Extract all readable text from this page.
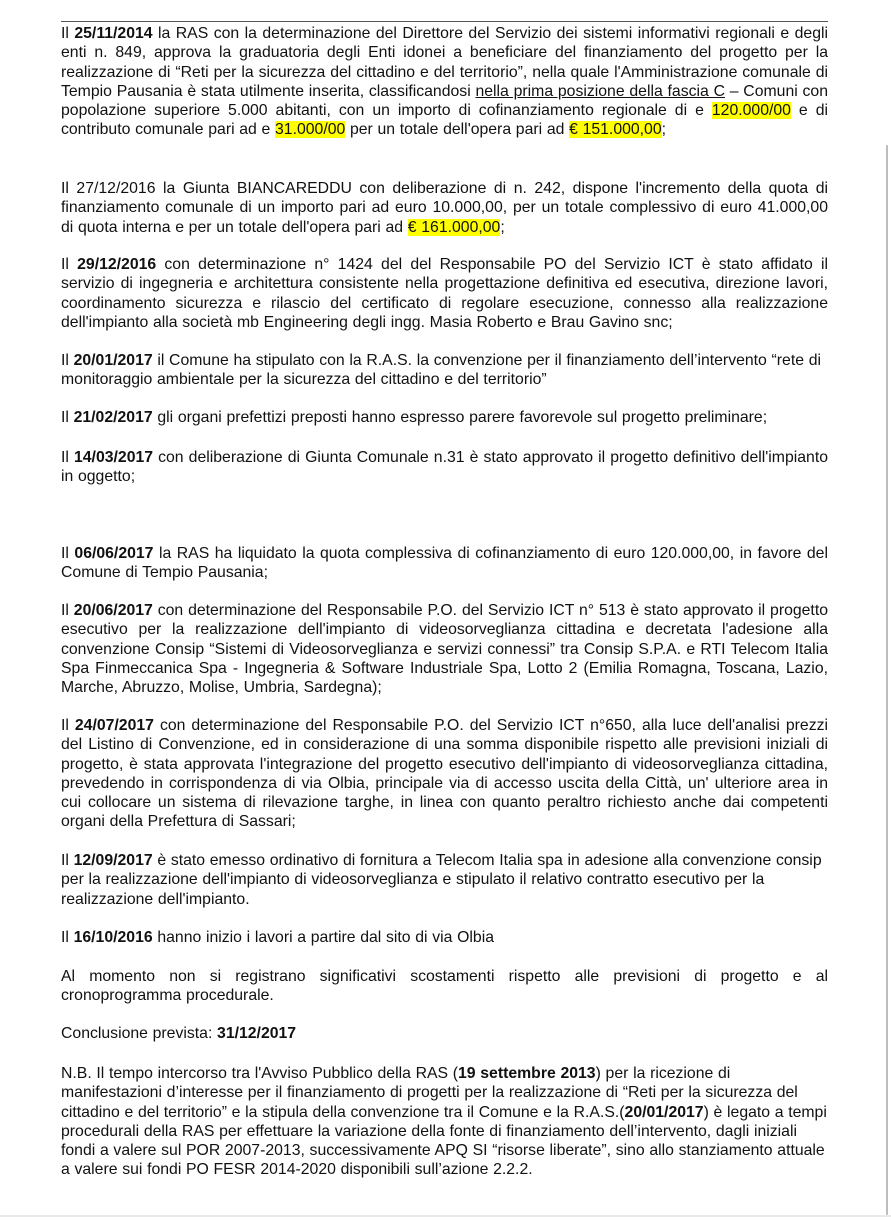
Il 25/11/2014 la RAS con la determinazione del Direttore del Servizio dei sistemi informativi regionali e degli enti n. 849, approva la graduatoria degli Enti idonei a beneficiare del finanziamento del progetto per la realizzazione di “Reti per la sicurezza del cittadino e del territorio”, nella quale l'Amministrazione comunale di Tempio Pausania è stata utilmente inserita, classificandosi nella prima posizione della fascia C – Comuni con popolazione superiore 5.000 abitanti, con un importo di cofinanziamento regionale di e 120.000/00 e di contributo comunale pari ad e 31.000/00 per un totale dell'opera pari ad € 151.000,00;

Il 27/12/2016 la Giunta BIANCAREDDU con deliberazione di n. 242, dispone l'incremento della quota di finanziamento comunale di un importo pari ad euro 10.000,00, per un totale complessivo di euro 41.000,00 di quota interna e per un totale dell'opera pari ad € 161.000,00;

Il 29/12/2016 con determinazione n° 1424 del del Responsabile PO del Servizio ICT è stato affidato il servizio di ingegneria e architettura consistente nella progettazione definitiva ed esecutiva, direzione lavori, coordinamento sicurezza e rilascio del certificato di regolare esecuzione, connesso alla realizzazione dell'impianto alla società mb Engineering degli ingg. Masia Roberto e Brau Gavino snc;

Il 20/01/2017 il Comune ha stipulato con la R.A.S. la convenzione per il finanziamento dell’intervento “rete di monitoraggio ambientale per la sicurezza del cittadino e del territorio”

Il 21/02/2017 gli organi prefettizi preposti hanno espresso parere favorevole sul progetto preliminare;

Il 14/03/2017 con deliberazione di Giunta Comunale n.31 è stato approvato il progetto definitivo dell'impianto in oggetto;

Il 06/06/2017 la RAS ha liquidato la quota complessiva di cofinanziamento di euro 120.000,00, in favore del Comune di Tempio Pausania;

Il 20/06/2017 con determinazione del Responsabile P.O. del Servizio ICT n° 513 è stato approvato il progetto esecutivo per la realizzazione dell'impianto di videosorveglianza cittadina e decretata l'adesione alla convenzione Consip “Sistemi di Videosorveglianza e servizi connessi” tra Consip S.P.A. e RTI Telecom Italia Spa Finmeccanica Spa - Ingegneria & Software Industriale Spa, Lotto 2 (Emilia Romagna, Toscana, Lazio, Marche, Abruzzo, Molise, Umbria, Sardegna);

Il 24/07/2017 con determinazione del Responsabile P.O. del Servizio ICT n°650, alla luce dell'analisi prezzi del Listino di Convenzione, ed in considerazione di una somma disponibile rispetto alle previsioni iniziali di progetto, è stata approvata l'integrazione del progetto esecutivo dell'impianto di videosorveglianza cittadina, prevedendo in corrispondenza di via Olbia, principale via di accesso uscita della Città, un' ulteriore area in cui collocare un sistema di rilevazione targhe, in linea con quanto peraltro richiesto anche dai competenti organi della Prefettura di Sassari;

Il 12/09/2017 è stato emesso ordinativo di fornitura a Telecom Italia spa in adesione alla convenzione consip per la realizzazione dell'impianto di videosorveglianza e stipulato il relativo contratto esecutivo per la realizzazione dell'impianto.

Il 16/10/2016 hanno inizio i lavori a partire dal sito di via Olbia

Al momento non si registrano significativi scostamenti rispetto alle previsioni di progetto e al cronoprogramma procedurale.

Conclusione prevista: 31/12/2017

N.B. Il tempo intercorso tra l'Avviso Pubblico della RAS (19 settembre 2013) per la ricezione di manifestazioni d’interesse per il finanziamento di progetti per la realizzazione di “Reti per la sicurezza del cittadino e del territorio” e la stipula della convenzione tra il Comune e la R.A.S.(20/01/2017) è legato a tempi procedurali della RAS per effettuare la variazione della fonte di finanziamento dell’intervento, dagli iniziali fondi a valere sul POR 2007-2013, successivamente APQ SI “risorse liberate”, sino allo stanziamento attuale a valere sui fondi PO FESR 2014-2020 disponibili sull’azione 2.2.2.
